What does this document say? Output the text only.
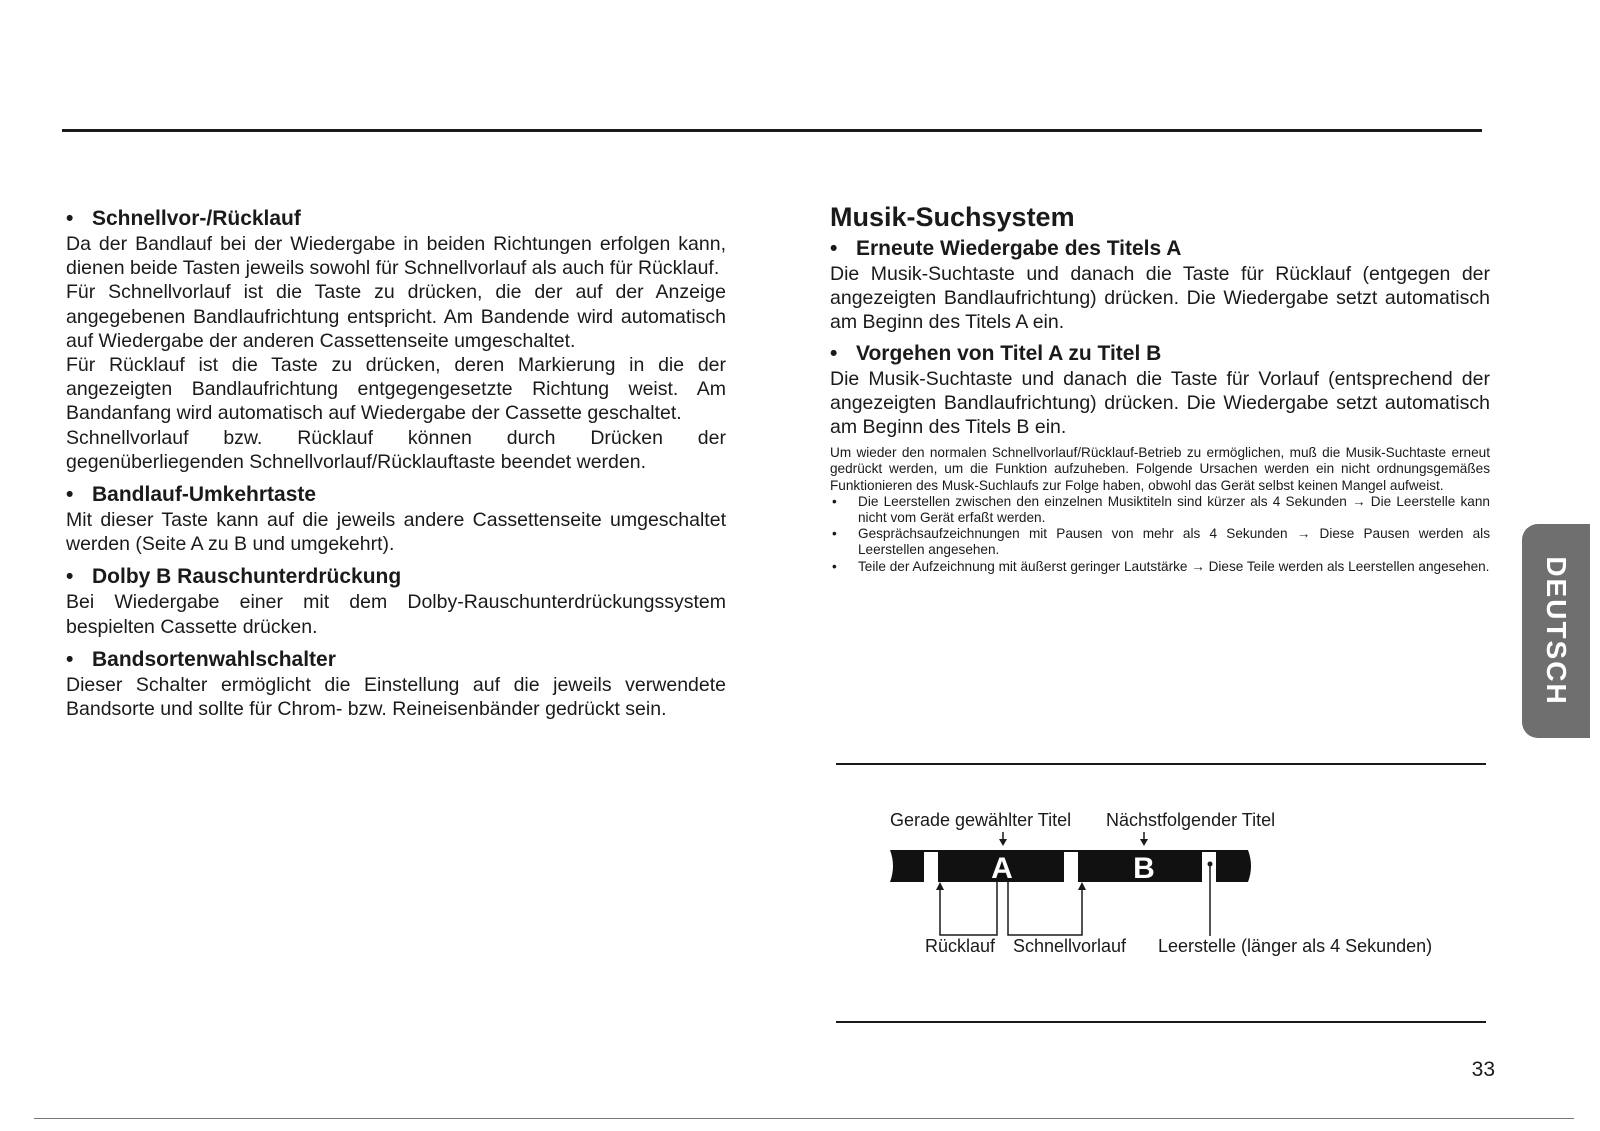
• Schnellvor-/Rücklauf

Da der Bandlauf bei der Wiedergabe in beiden Richtungen erfolgen kann, dienen beide Tasten jeweils sowohl für Schnellvorlauf als auch für Rücklauf.

Für Schnellvorlauf ist die Taste zu drücken, die der auf der Anzeige angegebenen Bandlaufrichtung entspricht. Am Bandende wird automatisch auf Wiedergabe der anderen Cassettenseite umgeschaltet.

Für Rücklauf ist die Taste zu drücken, deren Markierung in die der angezeigten Bandlaufrichtung entgegengesetzte Richtung weist. Am Bandanfang wird automatisch auf Wiedergabe der Cassette geschaltet.

Schnellvorlauf bzw. Rücklauf können durch Drücken der gegenüberliegenden Schnellvorlauf/Rücklauftaste beendet werden.

• Bandlauf-Umkehrtaste

Mit dieser Taste kann auf die jeweils andere Cassettenseite umgeschaltet werden (Seite A zu B und umgekehrt).

• Dolby B Rauschunterdrückung

Bei Wiedergabe einer mit dem Dolby-Rauschunterdrückungssystem bespielten Cassette drücken.

• Bandsortenwahlschalter

Dieser Schalter ermöglicht die Einstellung auf die jeweils verwendete Bandsorte und sollte für Chrom- bzw. Reineisenbänder gedrückt sein.

Musik-Suchsystem

• Erneute Wiedergabe des Titels A

Die Musik-Suchtaste und danach die Taste für Rücklauf (entgegen der angezeigten Bandlaufrichtung) drücken. Die Wiedergabe setzt automatisch am Beginn des Titels A ein.

• Vorgehen von Titel A zu Titel B

Die Musik-Suchtaste und danach die Taste für Vorlauf (entsprechend der angezeigten Bandlaufrichtung) drücken. Die Wiedergabe setzt automatisch am Beginn des Titels B ein.

Um wieder den normalen Schnellvorlauf/Rücklauf-Betrieb zu ermöglichen, muß die Musik-Suchtaste erneut gedrückt werden, um die Funktion aufzuheben. Folgende Ursachen werden ein nicht ordnungsgemäßes Funktionieren des Musk-Suchlaufs zur Folge haben, obwohl das Gerät selbst keinen Mangel aufweist.

• Die Leerstellen zwischen den einzelnen Musiktiteln sind kürzer als 4 Sekunden → Die Leerstelle kann nicht vom Gerät erfaßt werden.
• Gesprächsaufzeichnungen mit Pausen von mehr als 4 Sekunden → Diese Pausen werden als Leerstellen angesehen.
• Teile der Aufzeichnung mit äußerst geringer Lautstärke → Diese Teile werden als Leerstellen angesehen. DEUTSCH
Gerade gewählter Titel Nächstfolgender Titel
A	B
Rücklauf Schnellvorlauf Leerstelle (länger als 4 Sekunden)
33
